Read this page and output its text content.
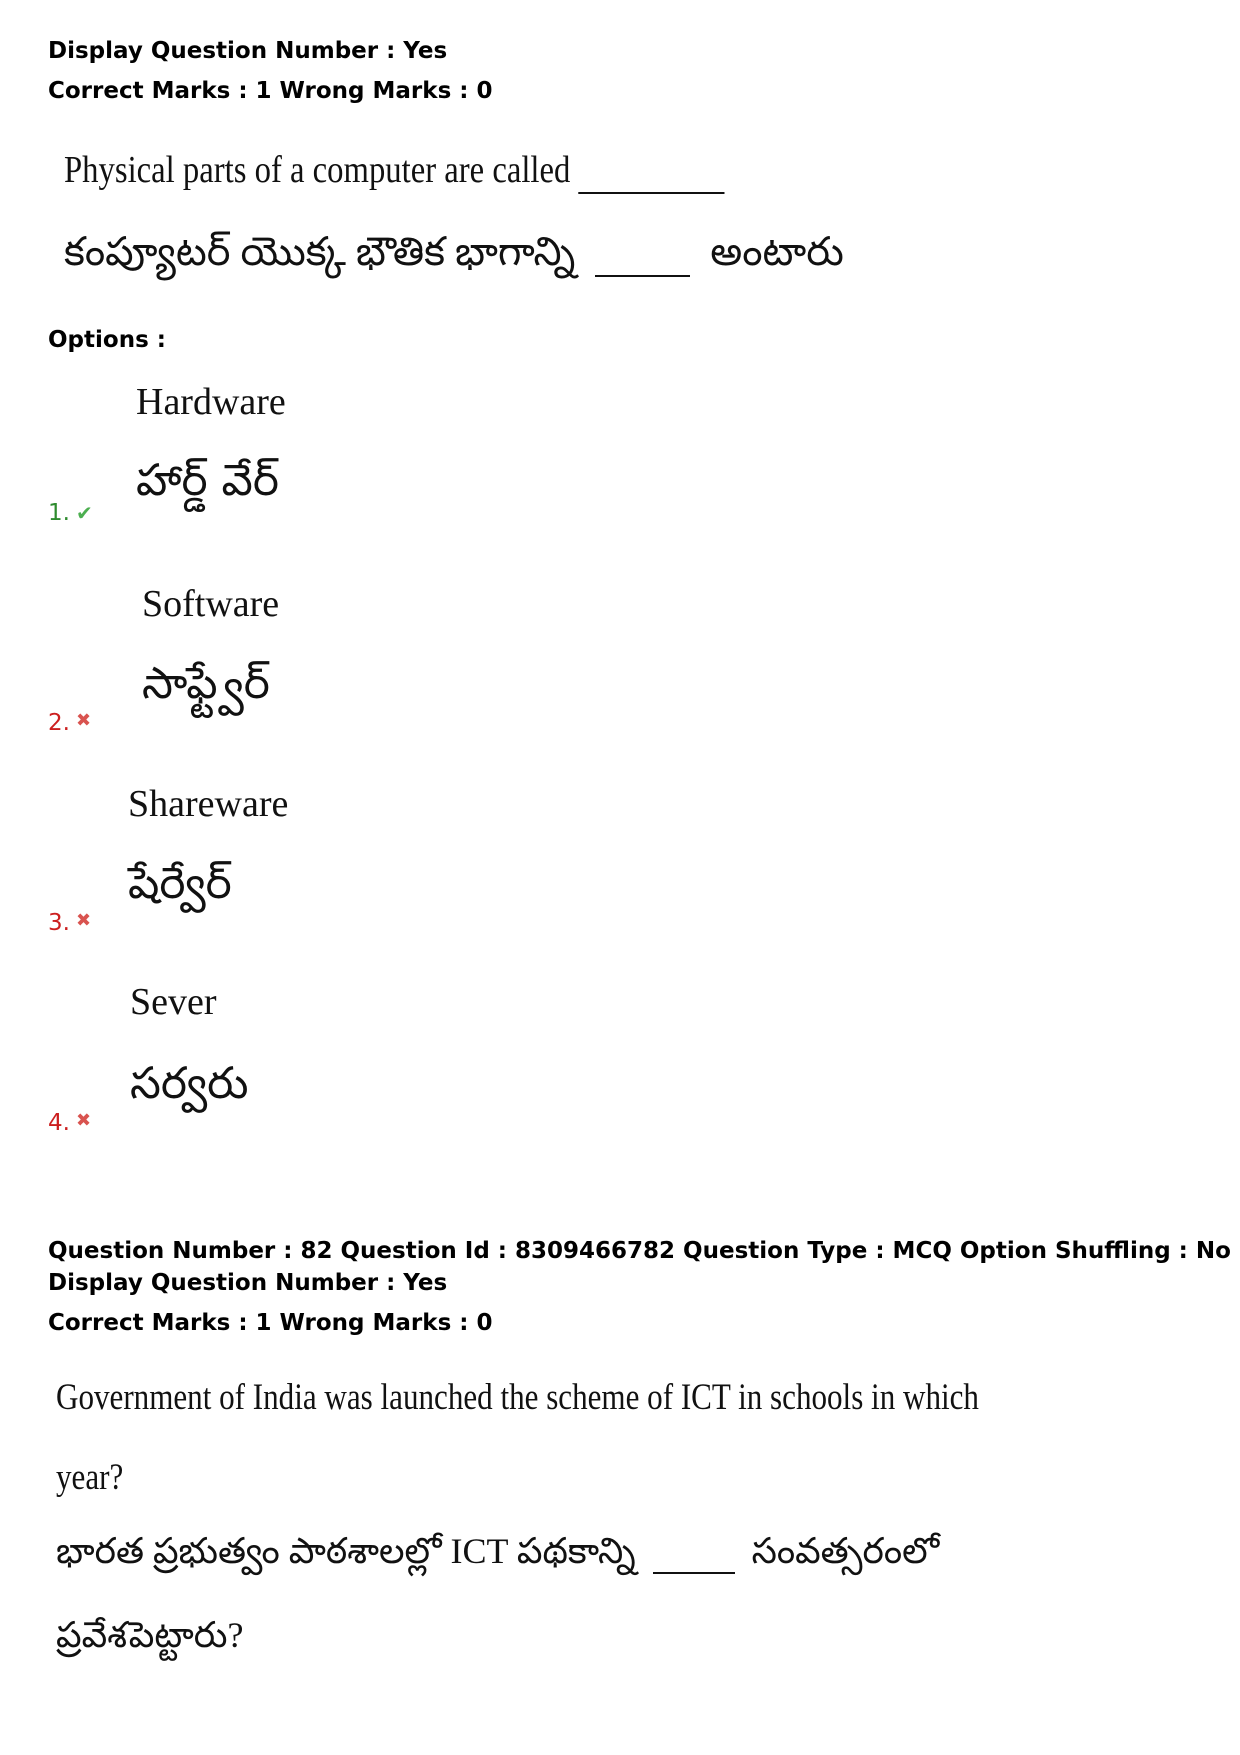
Display Question Number : Yes
Correct Marks : 1 Wrong Marks : 0
Physical parts of a computer are called
కంప్యూటర్ యొక్క భౌతిక భాగాన్ని	అంటారు
Options :
Hardware
హార్డ్ వేర్
1. ✔
Software
సాఫ్ట్వేర్
2. ✖
Shareware
షేర్వేర్
3. ✖
Sever
సర్వరు
4. ✖
Question Number : 82 Question Id : 8309466782 Question Type : MCQ Option Shuffling : No
Display Question Number : Yes
Correct Marks : 1 Wrong Marks : 0
Government of India was launched the scheme of ICT in schools in which
year?
భారత ప్రభుత్వం పాఠశాలల్లో ICT పథకాన్ని	సంవత్సరంలో
ప్రవేశపెట్టారు?
